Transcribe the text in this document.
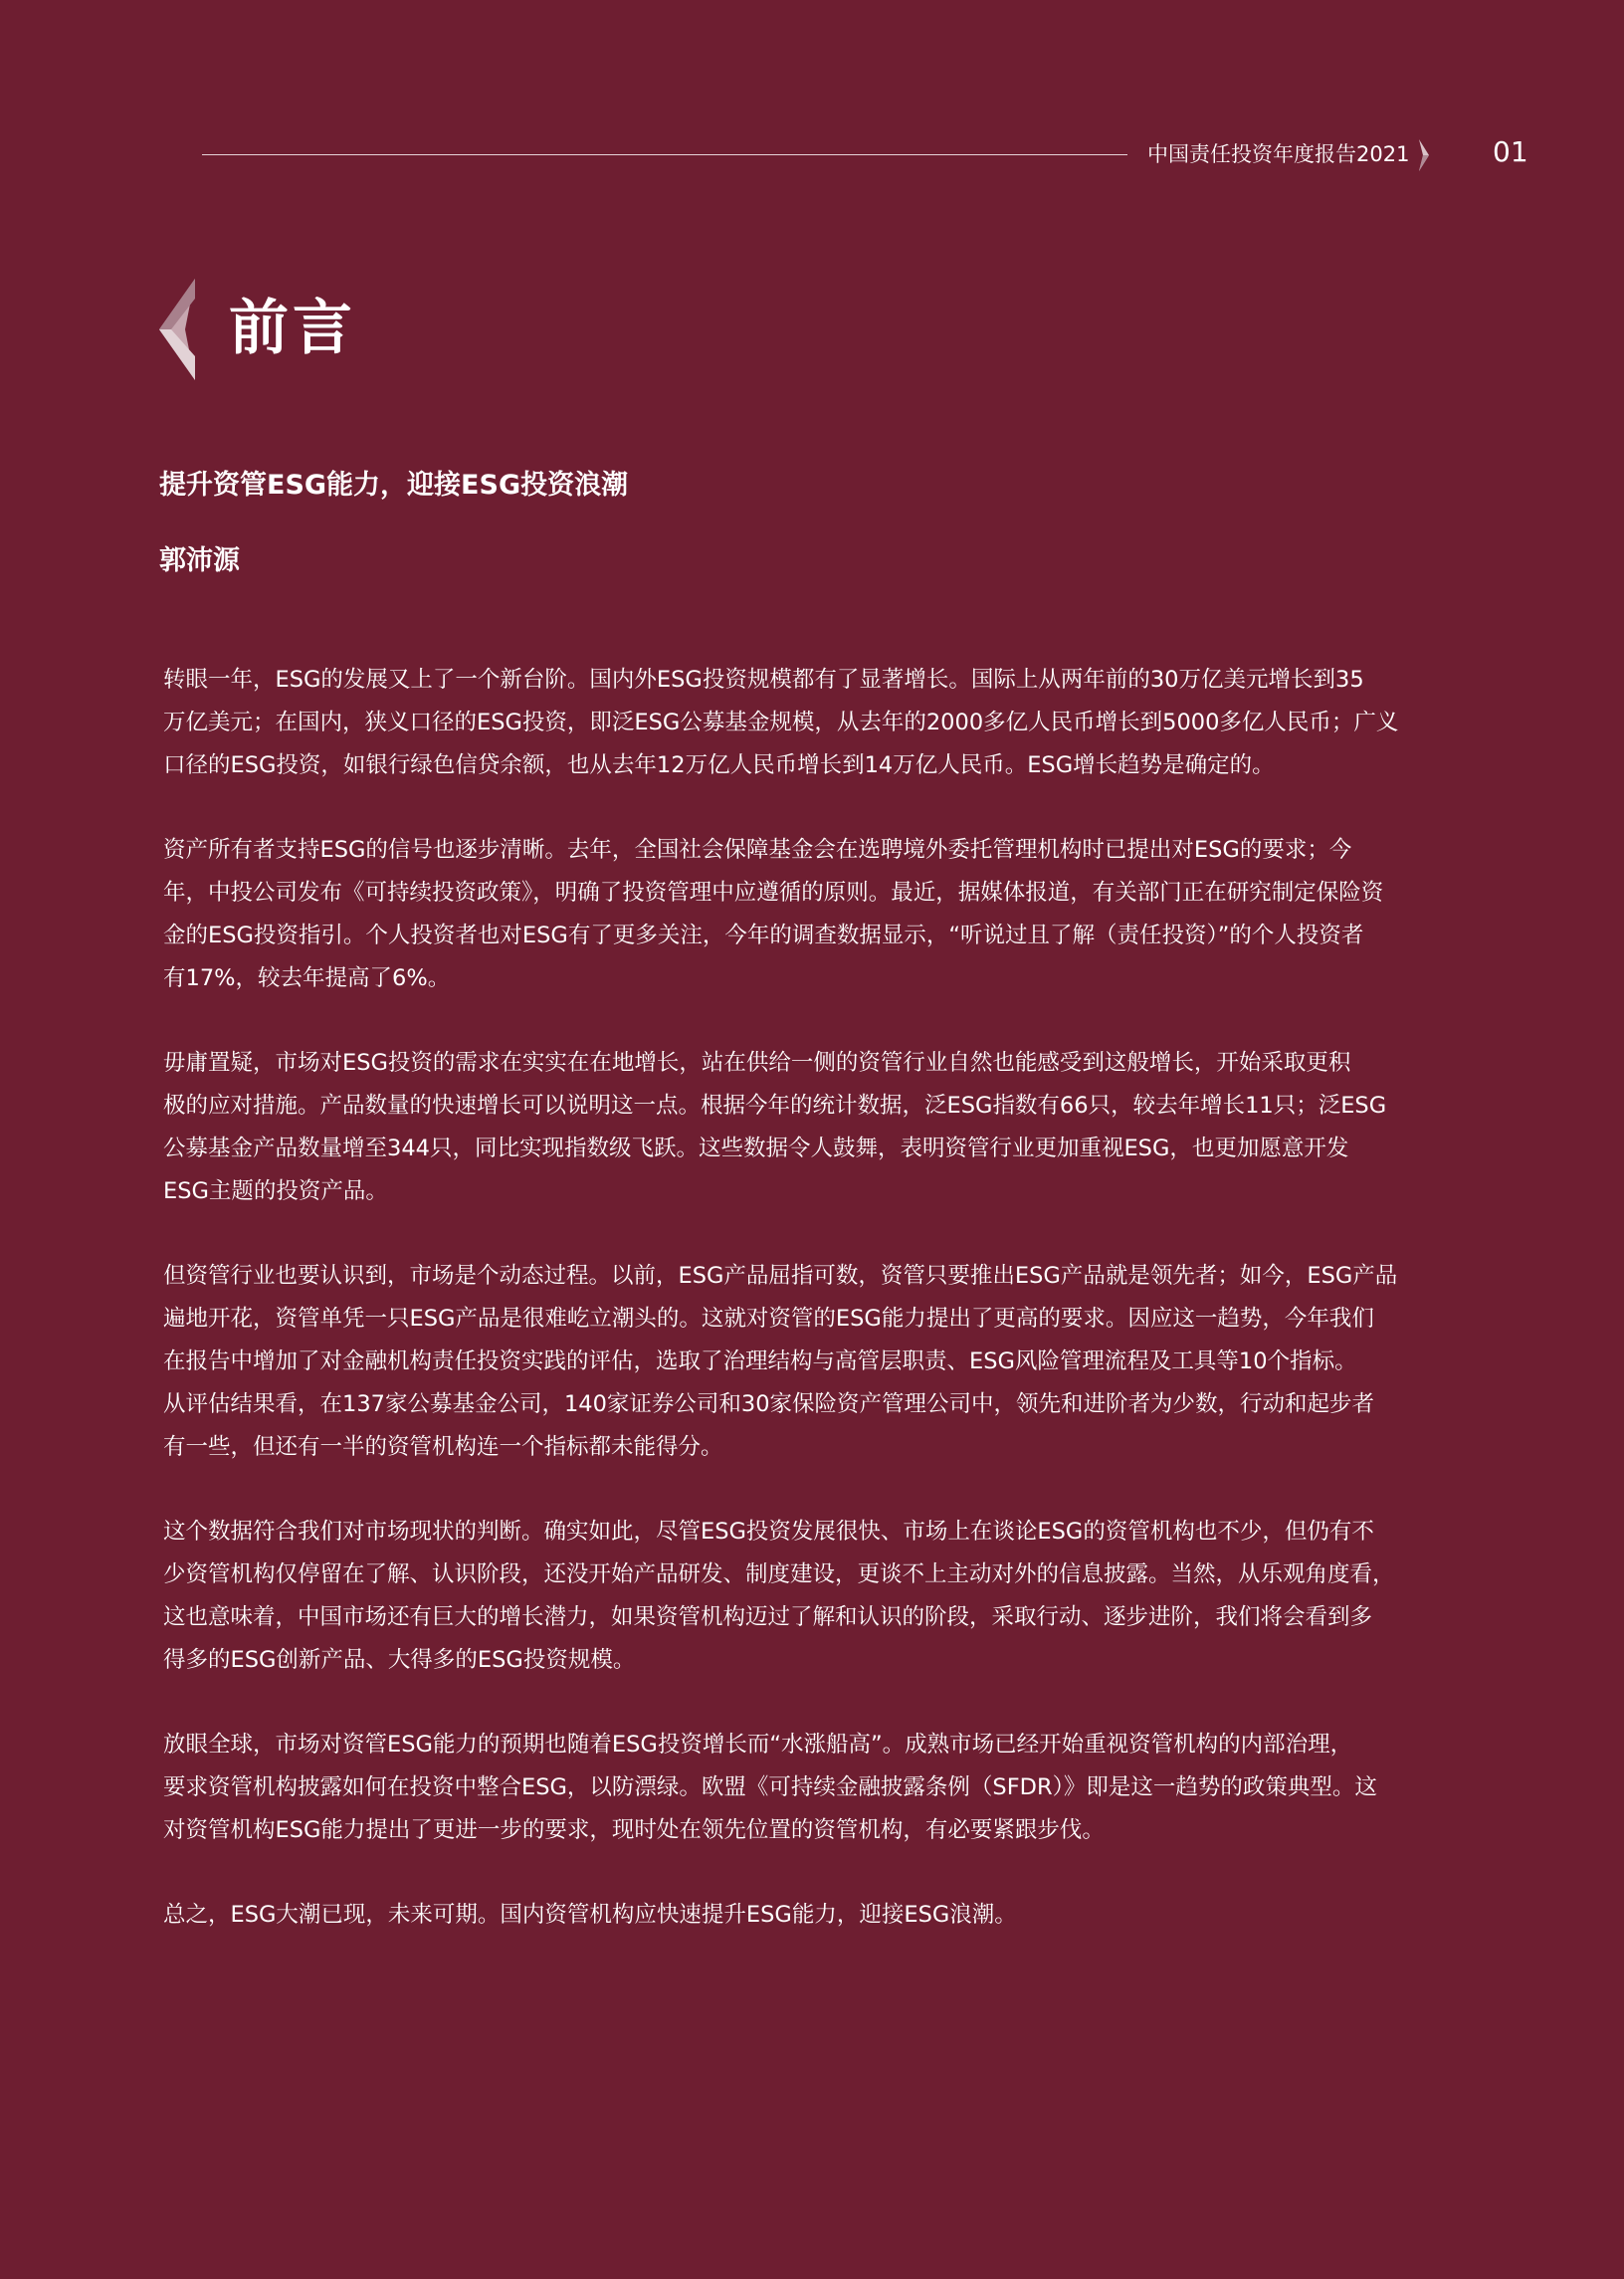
中国责任投资年度报告2021	01
前言
提升资管ESG能力，迎接ESG投资浪潮
郭沛源
转眼一年，ESG的发展又上了一个新台阶。国内外ESG投资规模都有了显著增长。国际上从两年前的30万亿美元增长到35
万亿美元；在国内，狭义口径的ESG投资，即泛ESG公募基金规模，从去年的2000多亿人民币增长到5000多亿人民币；广义
口径的ESG投资，如银行绿色信贷余额，也从去年12万亿人民币增长到14万亿人民币。ESG增长趋势是确定的。
资产所有者支持ESG的信号也逐步清晰。去年，全国社会保障基金会在选聘境外委托管理机构时已提出对ESG的要求；今
年，中投公司发布《可持续投资政策》，明确了投资管理中应遵循的原则。最近，据媒体报道，有关部门正在研究制定保险资
金的ESG投资指引。个人投资者也对ESG有了更多关注，今年的调查数据显示，“听说过且了解（责任投资）”的个人投资者
有17%，较去年提高了6%。
毋庸置疑，市场对ESG投资的需求在实实在在地增长，站在供给一侧的资管行业自然也能感受到这般增长，开始采取更积
极的应对措施。产品数量的快速增长可以说明这一点。根据今年的统计数据，泛ESG指数有66只，较去年增长11只；泛ESG
公募基金产品数量增至344只，同比实现指数级飞跃。这些数据令人鼓舞，表明资管行业更加重视ESG，也更加愿意开发
ESG主题的投资产品。
但资管行业也要认识到，市场是个动态过程。以前，ESG产品屈指可数，资管只要推出ESG产品就是领先者；如今，ESG产品
遍地开花，资管单凭一只ESG产品是很难屹立潮头的。这就对资管的ESG能力提出了更高的要求。因应这一趋势，今年我们
在报告中增加了对金融机构责任投资实践的评估，选取了治理结构与高管层职责、ESG风险管理流程及工具等10个指标。
从评估结果看，在137家公募基金公司，140家证券公司和30家保险资产管理公司中，领先和进阶者为少数，行动和起步者
有一些，但还有一半的资管机构连一个指标都未能得分。
这个数据符合我们对市场现状的判断。确实如此，尽管ESG投资发展很快、市场上在谈论ESG的资管机构也不少，但仍有不
少资管机构仅停留在了解、认识阶段，还没开始产品研发、制度建设，更谈不上主动对外的信息披露。当然，从乐观角度看，
这也意味着，中国市场还有巨大的增长潜力，如果资管机构迈过了解和认识的阶段，采取行动、逐步进阶，我们将会看到多
得多的ESG创新产品、大得多的ESG投资规模。
放眼全球，市场对资管ESG能力的预期也随着ESG投资增长而“水涨船高”。成熟市场已经开始重视资管机构的内部治理，
要求资管机构披露如何在投资中整合ESG，以防漂绿。欧盟《可持续金融披露条例（SFDR）》即是这一趋势的政策典型。这
对资管机构ESG能力提出了更进一步的要求，现时处在领先位置的资管机构，有必要紧跟步伐。
总之，ESG大潮已现，未来可期。国内资管机构应快速提升ESG能力，迎接ESG浪潮。
